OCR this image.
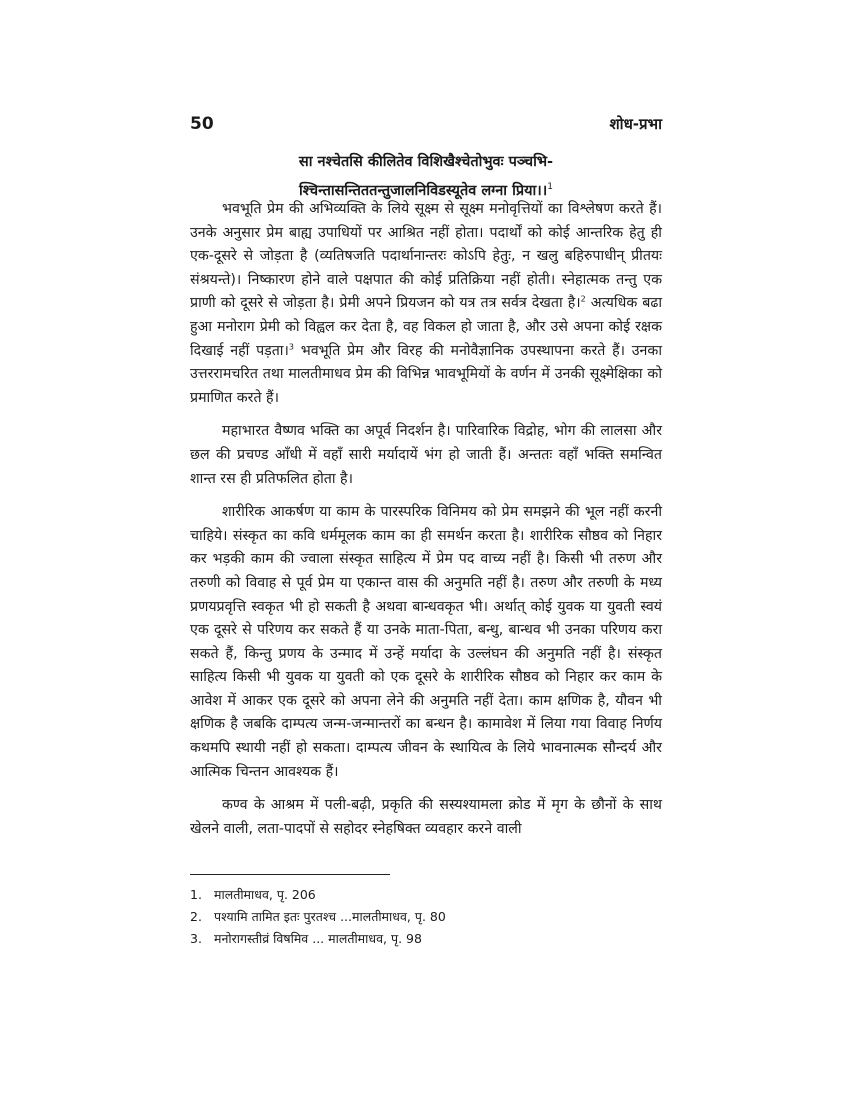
50	शोध-प्रभा
सा नश्चेतसि कीलितेव विशिखैश्चेतोभुवः पञ्चभि-
श्चिन्तासन्तिततन्तुजालनिविडस्यूतेव लग्ना प्रिया।।$^1$

भवभूति प्रेम की अभिव्यक्ति के लिये सूक्ष्म से सूक्ष्म मनोवृत्तियों का विश्लेषण करते हैं। उनके अनुसार प्रेम बाह्य उपाधियों पर आश्रित नहीं होता। पदार्थों को कोई आन्तरिक हेतु ही एक-दूसरे से जोड़ता है (व्यतिषजति पदार्थानान्तरः कोऽपि हेतुः, न खलु बहिरुपाधीन् प्रीतयः संश्रयन्ते)। निष्कारण होने वाले पक्षपात की कोई प्रतिक्रिया नहीं होती। स्नेहात्मक तन्तु एक प्राणी को दूसरे से जोड़ता है। प्रेमी अपने प्रियजन को यत्र तत्र सर्वत्र देखता है।$^2$ अत्यधिक बढा हुआ मनोराग प्रेमी को विह्वल कर देता है, वह विकल हो जाता है, और उसे अपना कोई रक्षक दिखाई नहीं पड़ता।$^3$ भवभूति प्रेम और विरह की मनोवैज्ञानिक उपस्थापना करते हैं। उनका उत्तररामचरित तथा मालतीमाधव प्रेम की विभिन्न भावभूमियों के वर्णन में उनकी सूक्ष्मेक्षिका को प्रमाणित करते हैं।

महाभारत वैष्णव भक्ति का अपूर्व निदर्शन है। पारिवारिक विद्रोह, भोग की लालसा और छल की प्रचण्ड आँधी में वहाँ सारी मर्यादायें भंग हो जाती हैं। अन्ततः वहाँ भक्ति समन्वित शान्त रस ही प्रतिफलित होता है।

शारीरिक आकर्षण या काम के पारस्परिक विनिमय को प्रेम समझने की भूल नहीं करनी चाहिये। संस्कृत का कवि धर्ममूलक काम का ही समर्थन करता है। शारीरिक सौष्ठव को निहार कर भड़की काम की ज्वाला संस्कृत साहित्य में प्रेम पद वाच्य नहीं है। किसी भी तरुण और तरुणी को विवाह से पूर्व प्रेम या एकान्त वास की अनुमति नहीं है। तरुण और तरुणी के मध्य प्रणयप्रवृत्ति स्वकृत भी हो सकती है अथवा बान्धवकृत भी। अर्थात् कोई युवक या युवती स्वयं एक दूसरे से परिणय कर सकते हैं या उनके माता-पिता, बन्धु, बान्धव भी उनका परिणय करा सकते हैं, किन्तु प्रणय के उन्माद में उन्हें मर्यादा के उल्लंघन की अनुमति नहीं है। संस्कृत साहित्य किसी भी युवक या युवती को एक दूसरे के शारीरिक सौष्ठव को निहार कर काम के आवेश में आकर एक दूसरे को अपना लेने की अनुमति नहीं देता। काम क्षणिक है, यौवन भी क्षणिक है जबकि दाम्पत्य जन्म-जन्मान्तरों का बन्धन है। कामावेश में लिया गया विवाह निर्णय कथमपि स्थायी नहीं हो सकता। दाम्पत्य जीवन के स्थायित्व के लिये भावनात्मक सौन्दर्य और आत्मिक चिन्तन आवश्यक हैं।

कण्व के आश्रम में पली-बढ़ी, प्रकृति की सस्यश्यामला क्रोड में मृग के छौनों के साथ खेलने वाली, लता-पादपों से सहोदर स्नेहषिक्त व्यवहार करने वाली

1. मालतीमाधव, पृ. 206
2. पश्यामि तामित इतः पुरतश्च ...मालतीमाधव, पृ. 80
3. मनोरागस्तीव्रं विषमिव ... मालतीमाधव, पृ. 98
